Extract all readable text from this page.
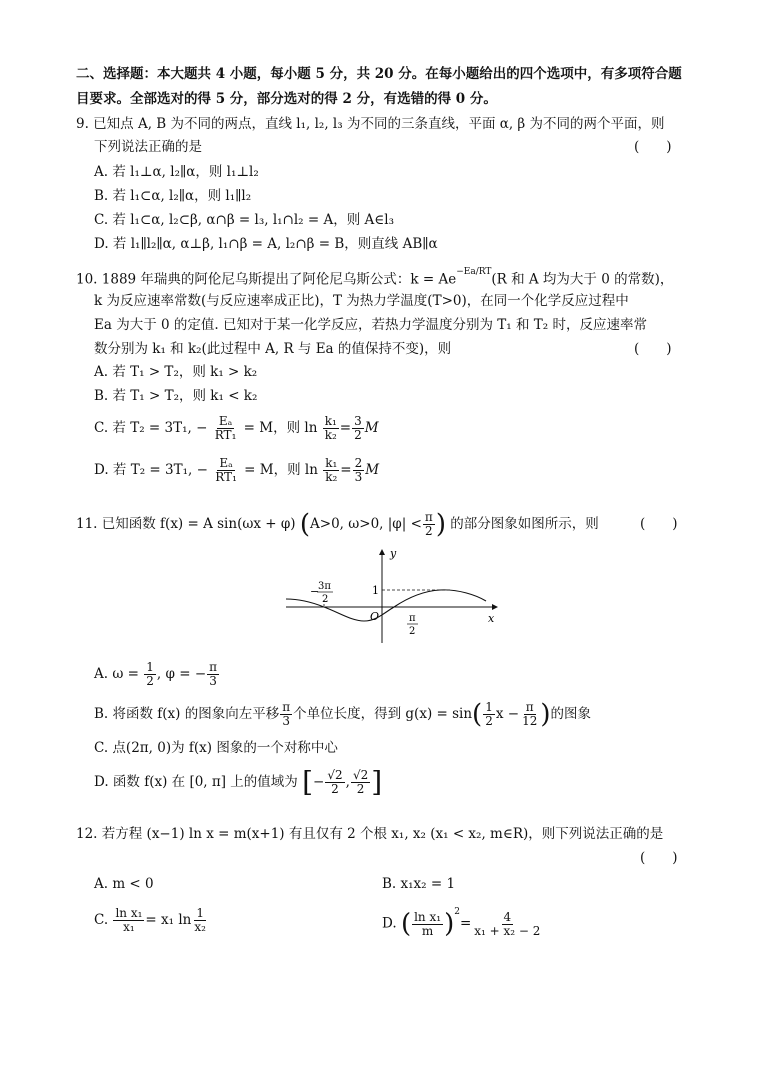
二、选择题：本大题共 4 小题，每小题 5 分，共 20 分。在每小题给出的四个选项中，有多项符合题
目要求。全部选对的得 5 分，部分选对的得 2 分，有选错的得 0 分。
9. 已知点 A, B 为不同的两点，直线 l₁, l₂, l₃ 为不同的三条直线，平面 α, β 为不同的两个平面，则
下列说法正确的是	(　　)
A. 若 l₁⊥α, l₂∥α，则 l₁⊥l₂
B. 若 l₁⊂α, l₂∥α，则 l₁∥l₂
C. 若 l₁⊂α, l₂⊂β, α∩β = l₃, l₁∩l₂ = A，则 A∈l₃
D. 若 l₁∥l₂∥α, α⊥β, l₁∩β = A, l₂∩β = B，则直线 AB∥α
10. 1889 年瑞典的阿伦尼乌斯提出了阿伦尼乌斯公式：$k = Ae^{-Ea/RT}(R$ 和 A 均为大于 0 的常数)，
k 为反应速率常数(与反应速率成正比)，T 为热力学温度(T>0)，在同一个化学反应过程中
Ea 为大于 0 的定值. 已知对于某一化学反应，若热力学温度分别为 T₁ 和 T₂ 时，反应速率常
数分别为 k₁ 和 k₂(此过程中 A, R 与 Ea 的值保持不变)，则	(　　)
A. 若 T₁ > T₂，则 k₁ > k₂
B. 若 T₁ > T₂，则 k₁ < k₂
C. 若 T₂ = 3T₁, − $\frac{\text{Eₐ}}{\text{RT₁}} = M$，则 $\ln \frac{\text{k₁}}{\text{k₂}} = \frac{3}{2}$ M
D. 若 T₂ = 3T₁, − $\frac{\text{Eₐ}}{\text{RT₁}} = M$，则 $\ln \frac{\text{k₁}}{\text{k₂}} = \frac{2}{3}$ M
11. 已知函数 f(x) = A sin(ωx + φ) (A>0, ω>0, $|\varphi| < \frac{\pi}{2}$ ) 的部分图象如图所示，则	(　　)
y
x
O
1
−
3π
2
π
2
A. $\omega = \frac{1}{2}$ , φ = − $\frac{\pi}{3}$
B. 将函数 f(x) 的图象向左平移 $\frac{\pi}{3}$ 个单位长度，得到 $g(x) = \sin( \frac{1}{2}$ $x - \frac{\pi}{12}$ )的图象
C. 点(2π, 0)为 f(x) 图象的一个对称中心
D. 函数 f(x) 在 [0, π] 上的值域为 [− $\frac{√2}{2}$ , $\frac{√2}{2}$ ]
12. 若方程 (x−1) ln x = m(x+1) 有且仅有 2 个根 x₁, x₂ (x₁ < x₂, m∈R)，则下列说法正确的是
(　　)
A. m < 0	B. x₁x₂ = 1
C. $\frac{\text{ln x₁}}{\text{x₁}} = x_1$ $\ln \frac{1}{\text{x₂}}$	D. ( $\frac{\text{ln x₁}}{m} )^2= \frac{4}{\text{x₁ + x₂ − 2}}$
